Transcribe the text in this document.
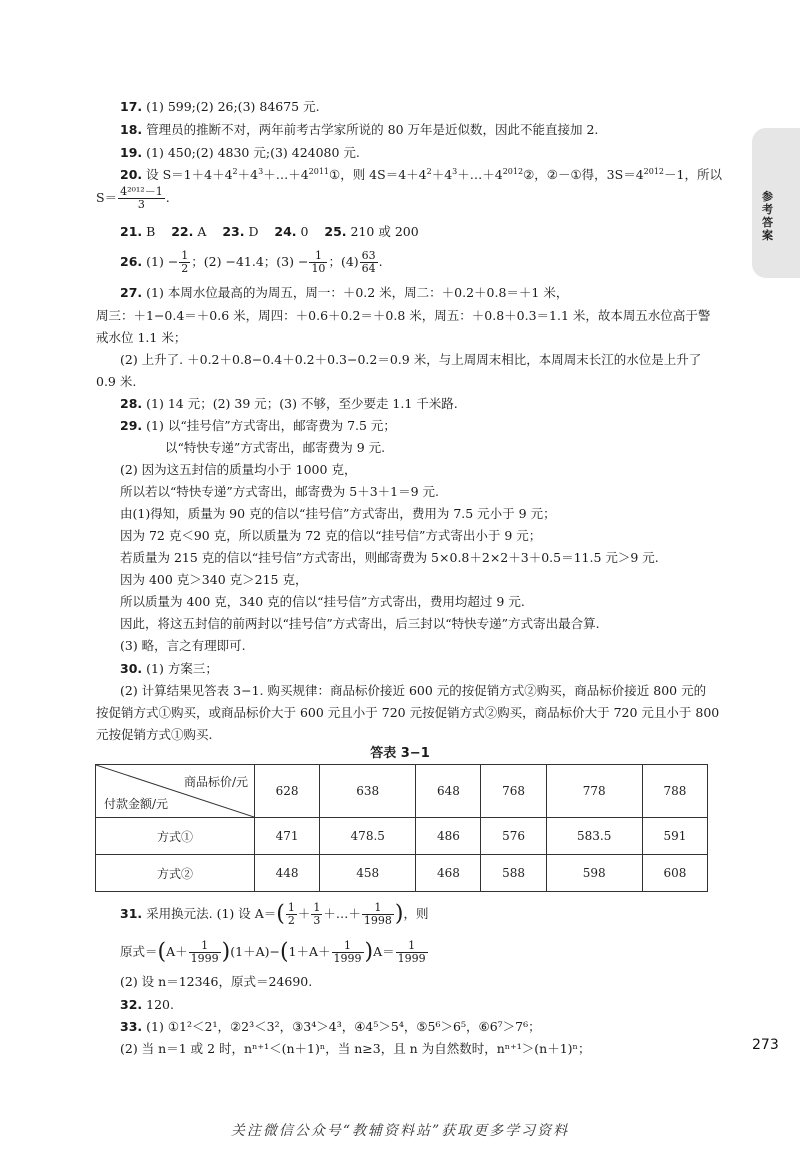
参考答案
17. (1) 599;(2) 26;(3) 84675 元.
18. 管理员的推断不对，两年前考古学家所说的 80 万年是近似数，因此不能直接加 2.
19. (1) 450;(2) 4830 元;(3) 424080 元.
20. 设 $S=1+4+4^2+4^3+\dots+4^{2011}①$，则 $4S=4+4^2+4^3+\dots+4^{2012}②$，②－①得，$3S=4^{2012}-1$，所以
$S= \frac{\text{4²⁰¹²－1}}{3}$ .
21. B 22. A 23. D 24. 0 25. 210 或 200
26. $(1) - \frac{1}{2}$ ；(2) −41.4；$(3) - \frac{1}{10}$ ；$(4) \frac{63}{64}$ .
27. (1) 本周水位最高的为周五，周一：＋0.2 米，周二：＋0.2＋0.8＝＋1 米，
周三：＋1−0.4＝＋0.6 米，周四：＋0.6＋0.2＝＋0.8 米，周五：＋0.8＋0.3＝1.1 米，故本周五水位高于警
戒水位 1.1 米；
(2) 上升了. ＋0.2＋0.8−0.4＋0.2＋0.3−0.2＝0.9 米，与上周周末相比，本周周末长江的水位是上升了
0.9 米.
28. (1) 14 元；(2) 39 元；(3) 不够，至少要走 1.1 千米路.
29. (1) 以“挂号信”方式寄出，邮寄费为 7.5 元；
以“特快专递”方式寄出，邮寄费为 9 元.
(2) 因为这五封信的质量均小于 1000 克，
所以若以“特快专递”方式寄出，邮寄费为 5＋3＋1＝9 元.
由(1)得知，质量为 90 克的信以“挂号信”方式寄出，费用为 7.5 元小于 9 元；
因为 72 克＜90 克，所以质量为 72 克的信以“挂号信”方式寄出小于 9 元；
若质量为 215 克的信以“挂号信”方式寄出，则邮寄费为 5×0.8＋2×2＋3＋0.5＝11.5 元＞9 元.
因为 400 克＞340 克＞215 克，
所以质量为 400 克，340 克的信以“挂号信”方式寄出，费用均超过 9 元.
因此，将这五封信的前两封以“挂号信”方式寄出，后三封以“特快专递”方式寄出最合算.
(3) 略，言之有理即可.
30. (1) 方案三；
(2) 计算结果见答表 3−1. 购买规律：商品标价接近 600 元的按促销方式②购买，商品标价接近 800 元的
按促销方式①购买，或商品标价大于 600 元且小于 720 元按促销方式②购买，商品标价大于 720 元且小于 800
元按促销方式①购买.
答表 3−1
商品标价/元
付款金额/元	628	638	648	768	778	788
方式①	471	478.5	486	576	583.5	591
方式②	448	458	468	588	598	608
31. 采用换元法. (1) 设 $A=( \frac{1}{2} + \frac{1}{3}$ ＋…＋ $\frac{1}{1998}$ )，则
原式$=(A+ \frac{1}{1999} )(1+A)-(1+A+ \frac{1}{1999} )A= \frac{1}{1999}$
(2) 设 n＝12346，原式＝24690.
32. 120.
33. (1) ①1²＜2¹，②2³＜3²，③3⁴＞4³，④4⁵＞5⁴，⑤5⁶＞6⁵，⑥6⁷＞7⁶；
(2) 当 n＝1 或 2 时，nⁿ⁺¹＜(n＋1)ⁿ，当 n≥3，且 n 为自然数时，nⁿ⁺¹＞(n＋1)ⁿ；	273
关注微信公众号“教辅资料站”获取更多学习资料
